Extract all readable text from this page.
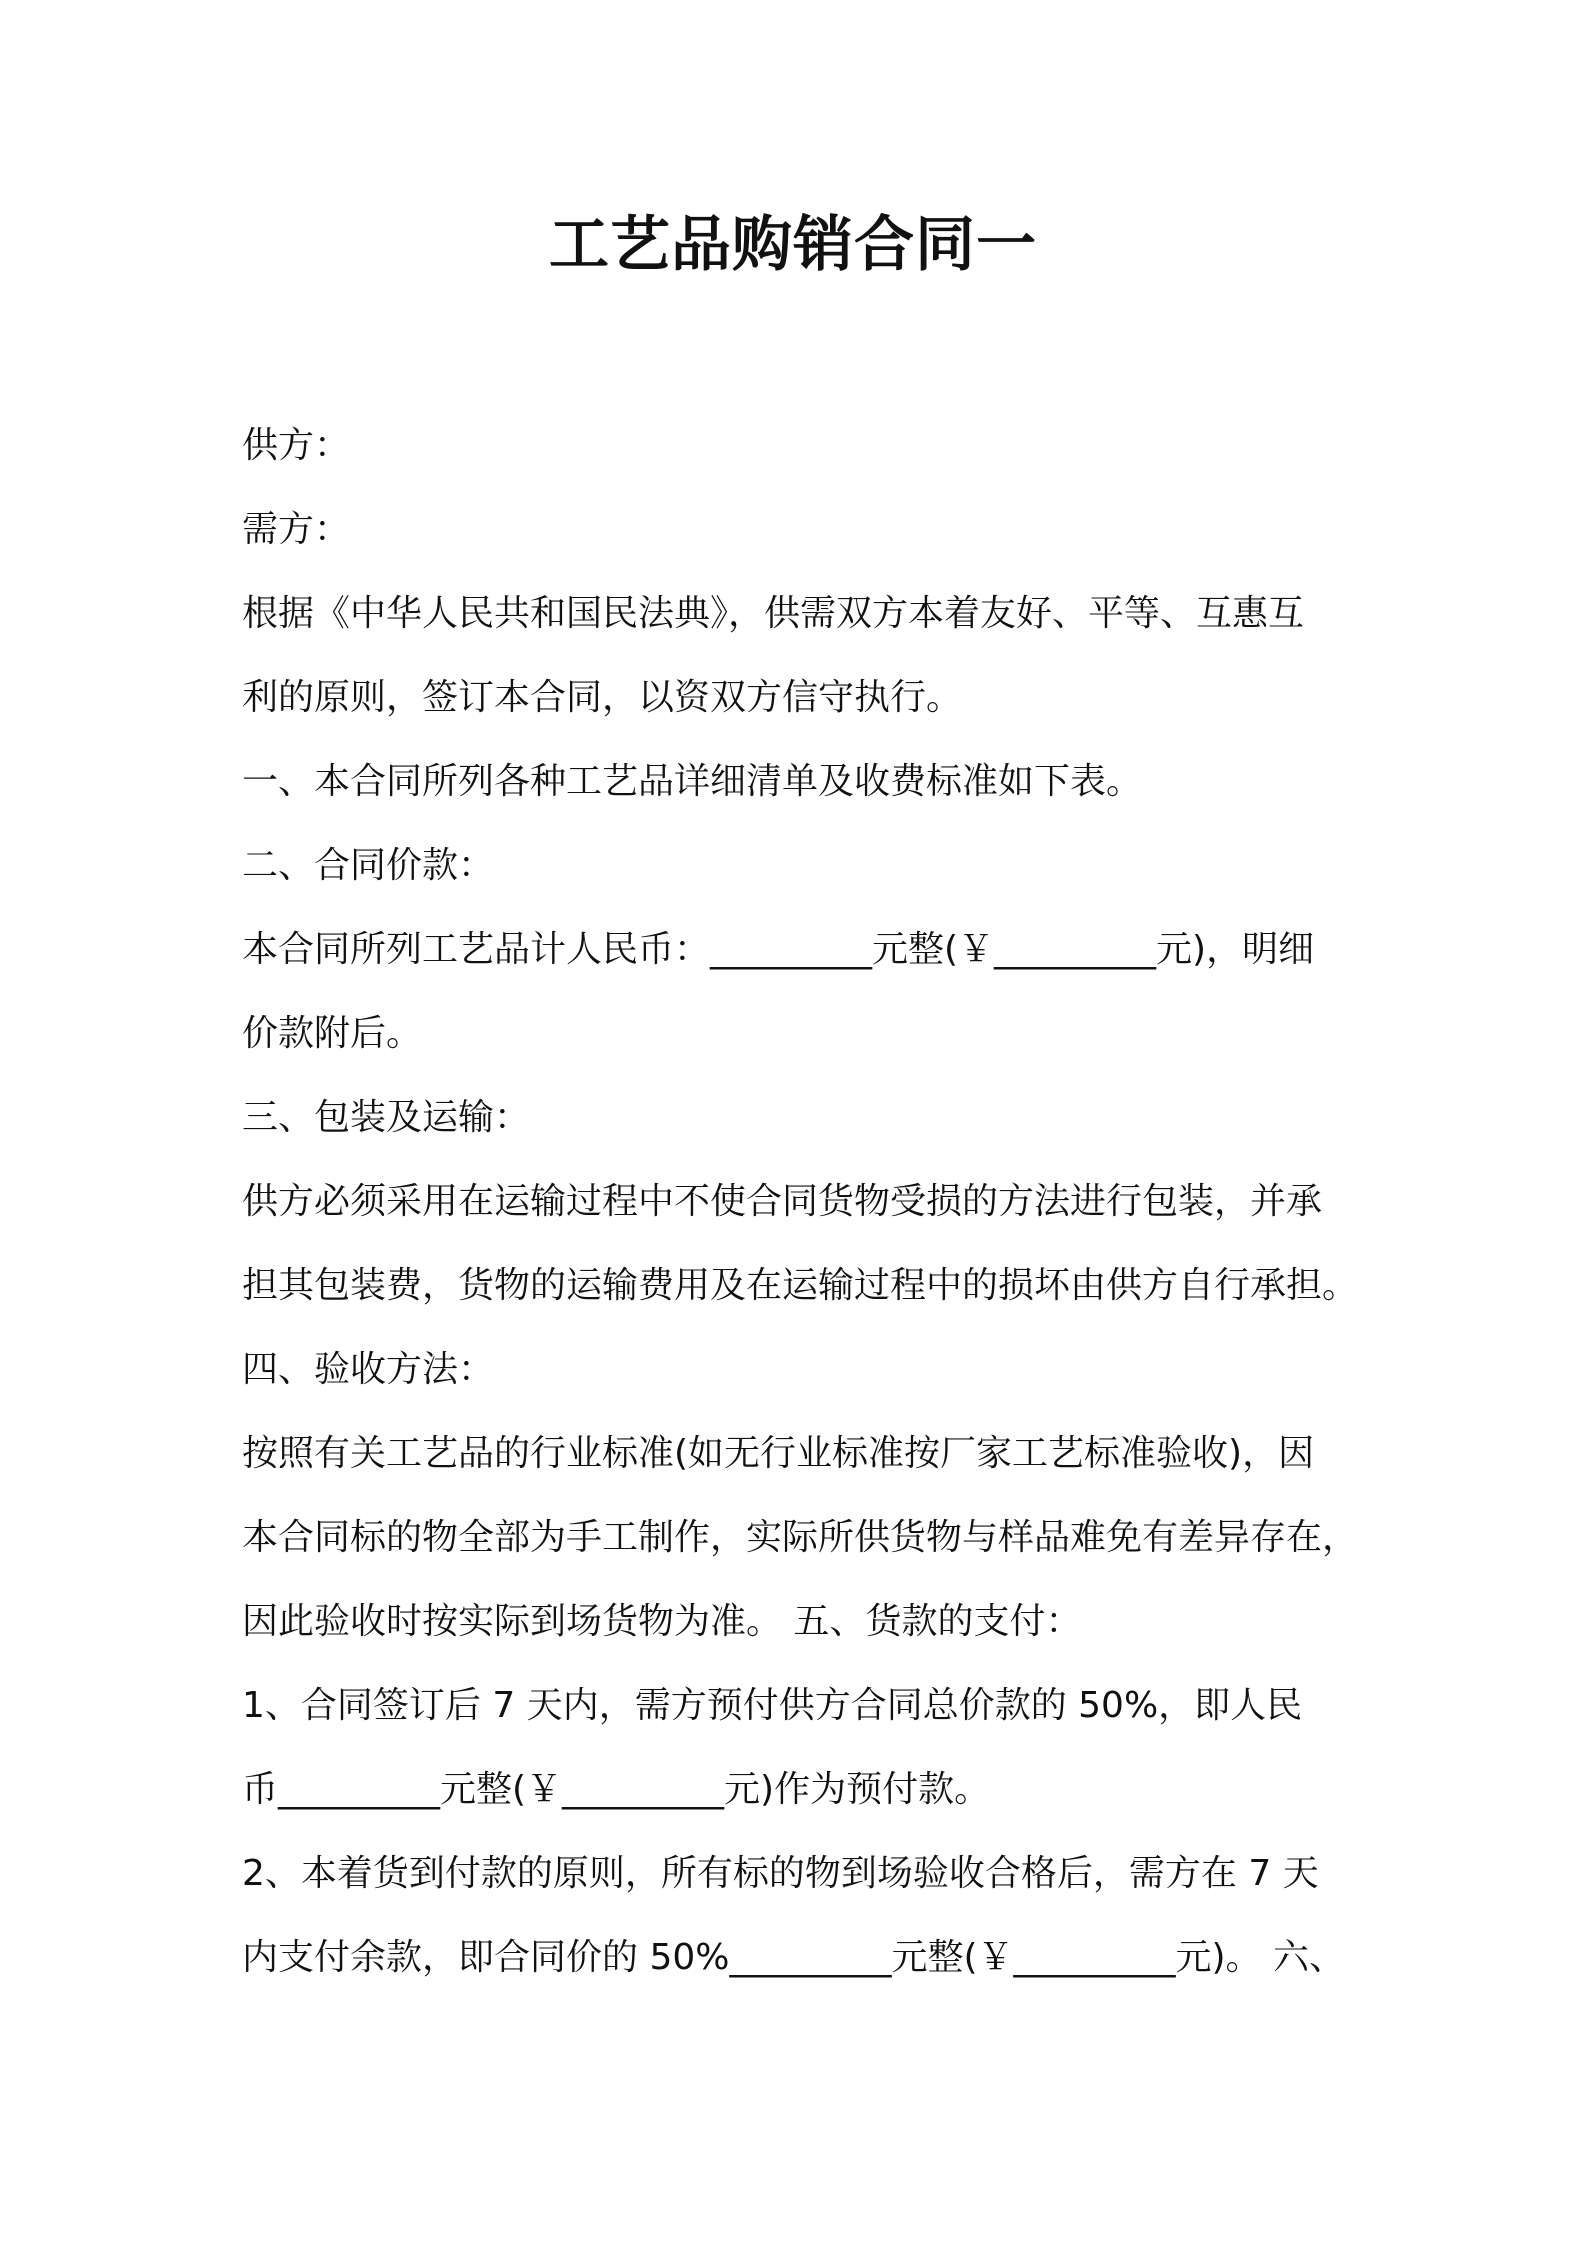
工艺品购销合同一

供方：

需方：

根据《中华人民共和国民法典》，供需双方本着友好、平等、互惠互

利的原则，签订本合同，以资双方信守执行。

一、本合同所列各种工艺品详细清单及收费标准如下表。

二、合同价款：

本合同所列工艺品计人民币：_________元整(￥_________元)，明细

价款附后。

三、包装及运输：

供方必须采用在运输过程中不使合同货物受损的方法进行包装，并承

担其包装费，货物的运输费用及在运输过程中的损坏由供方自行承担。

四、验收方法：

按照有关工艺品的行业标准(如无行业标准按厂家工艺标准验收)，因

本合同标的物全部为手工制作，实际所供货物与样品难免有差异存在，

因此验收时按实际到场货物为准。 五、货款的支付：

1、合同签订后 7 天内，需方预付供方合同总价款的 50%，即人民

币_________元整(￥_________元)作为预付款。

2、本着货到付款的原则，所有标的物到场验收合格后，需方在 7 天

内支付余款，即合同价的 50%_________元整(￥_________元)。 六、
